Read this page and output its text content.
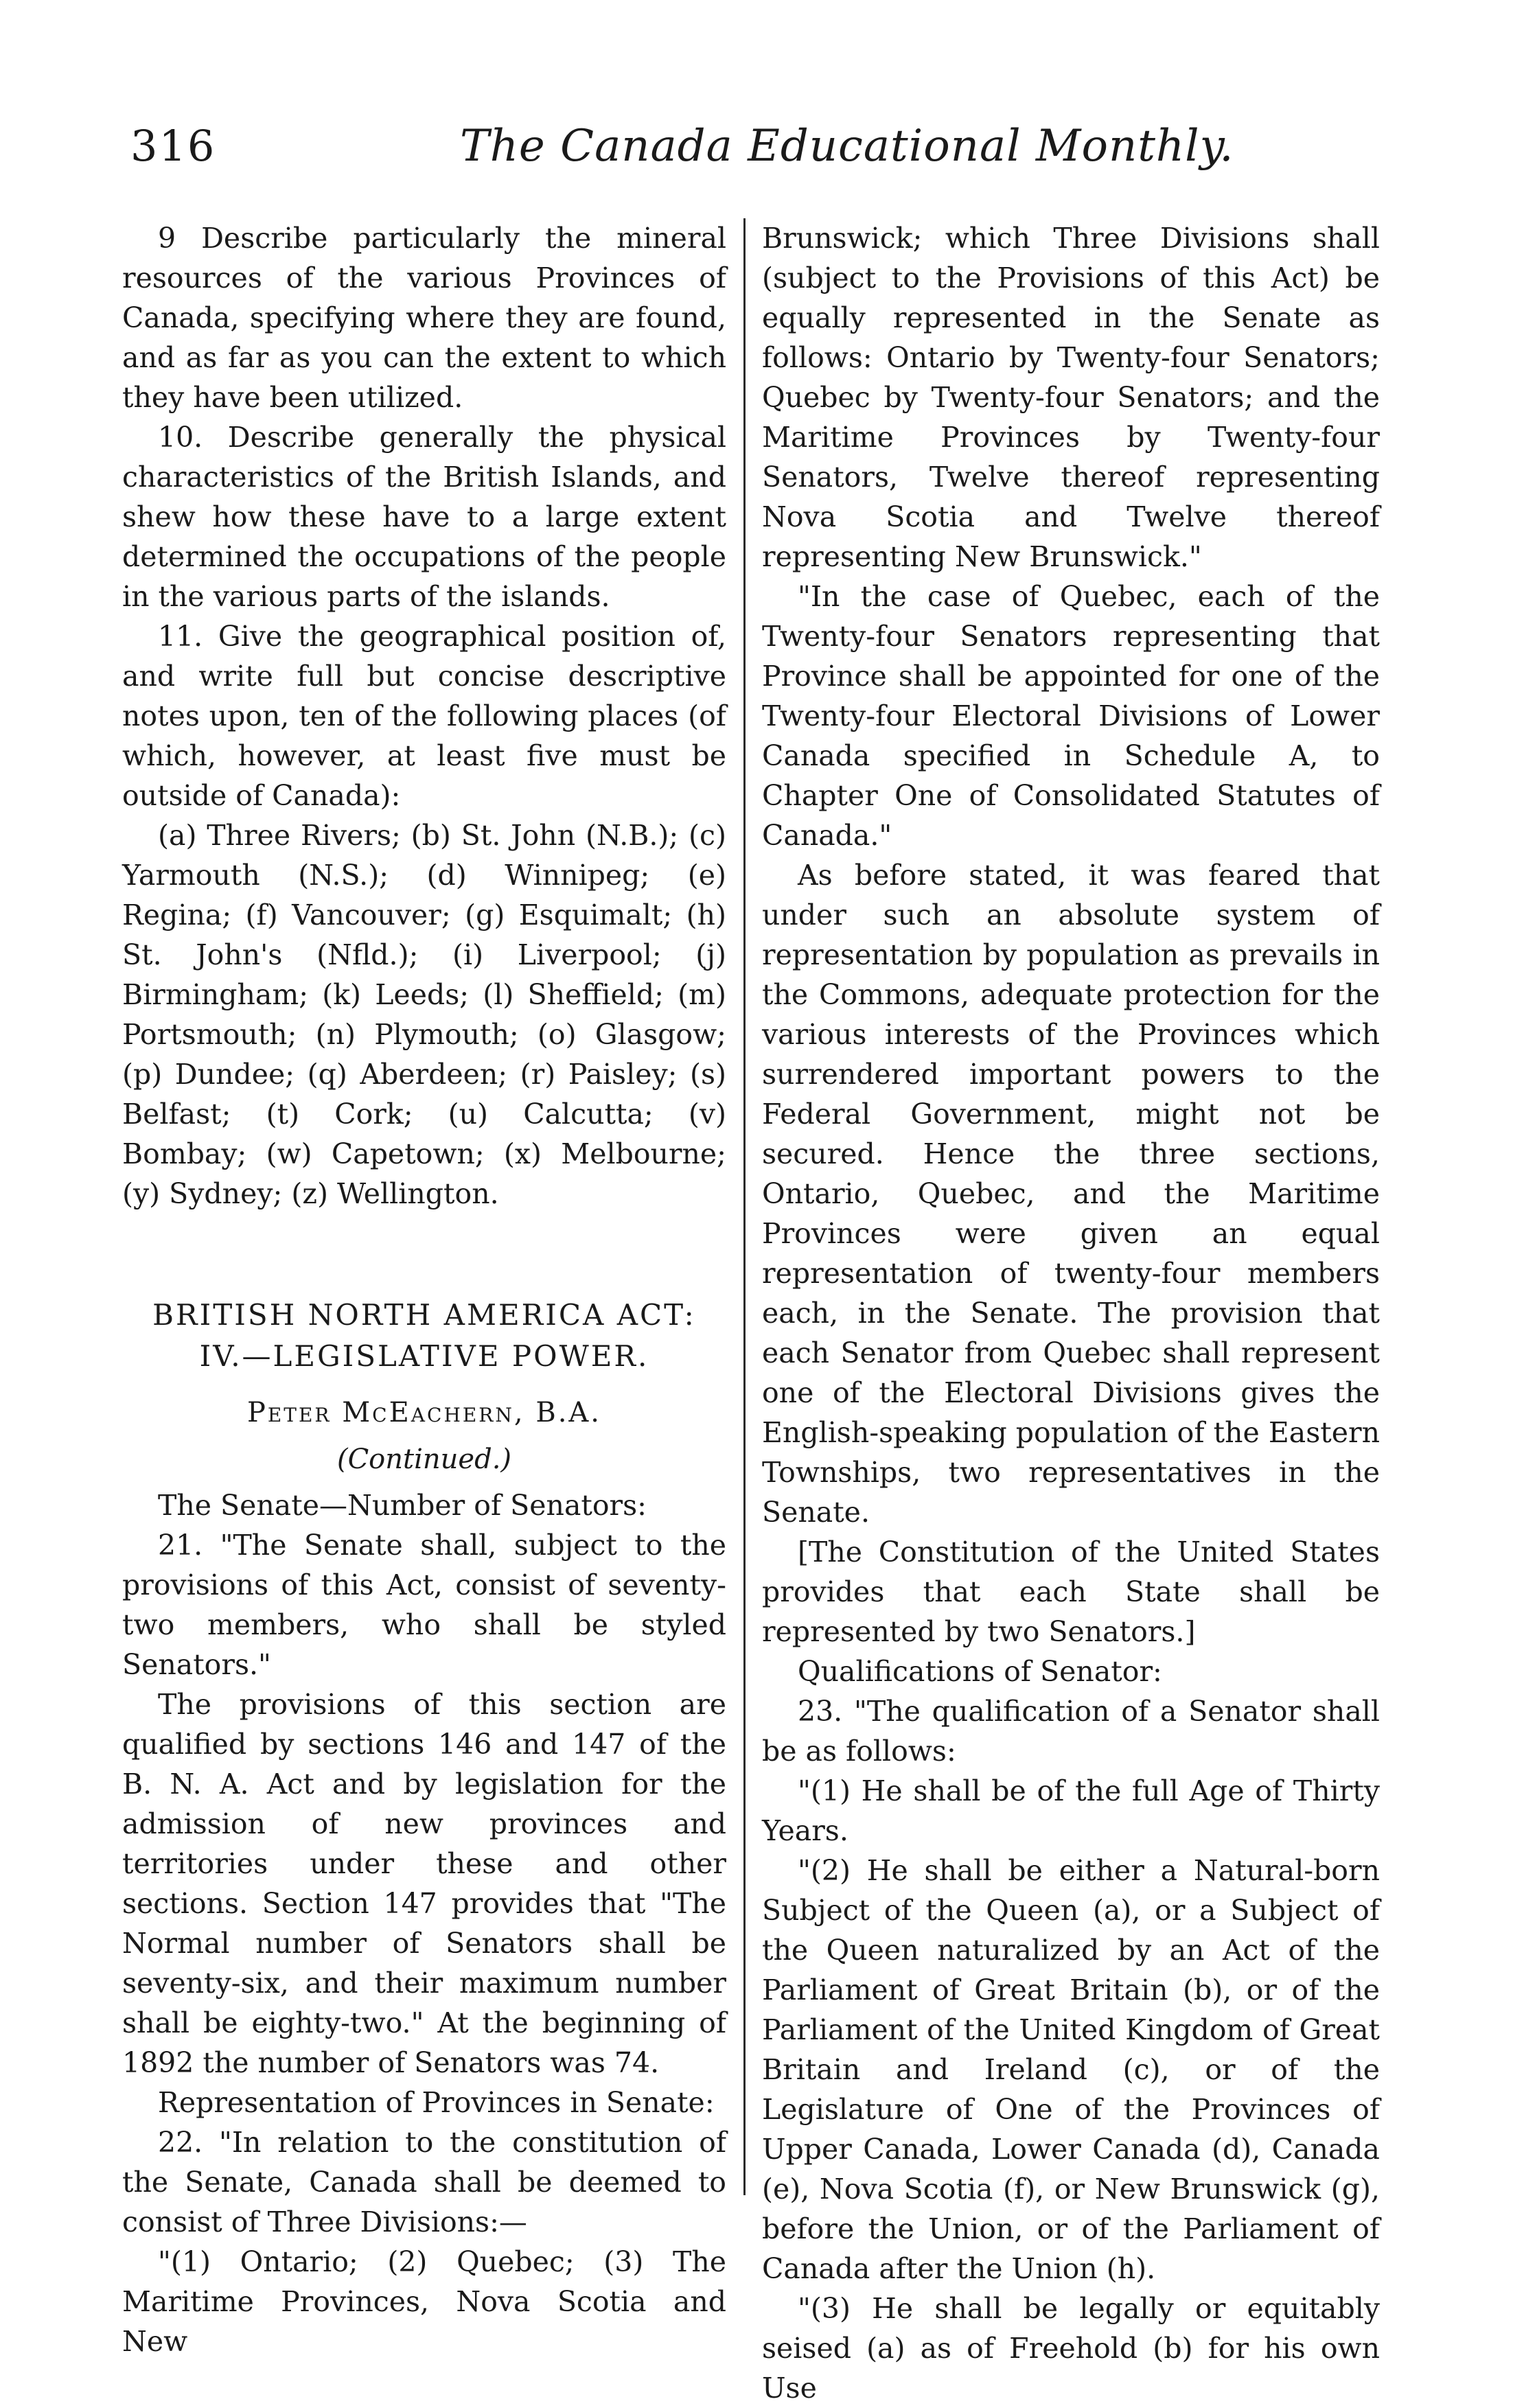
316	The Canada Educational Monthly.

9 Describe particularly the mineral resources of the various Provinces of Canada, specifying where they are found, and as far as you can the extent to which they have been utilized.

10. Describe generally the physical characteristics of the British Islands, and shew how these have to a large extent determined the occupations of the people in the various parts of the islands.

11. Give the geographical position of, and write full but concise descriptive notes upon, ten of the following places (of which, however, at least five must be outside of Canada):

(a) Three Rivers; (b) St. John (N.B.); (c) Yarmouth (N.S.); (d) Winnipeg; (e) Regina; (f) Vancouver; (g) Esquimalt; (h) St. John's (Nfld.); (i) Liverpool; (j) Birmingham; (k) Leeds; (l) Sheffield; (m) Portsmouth; (n) Plymouth; (o) Glasgow; (p) Dundee; (q) Aberdeen; (r) Paisley; (s) Belfast; (t) Cork; (u) Calcutta; (v) Bombay; (w) Capetown; (x) Melbourne; (y) Sydney; (z) Wellington.

BRITISH NORTH AMERICA ACT:
IV.—LEGISLATIVE POWER.
Peter McEachern, B.A.
(Continued.)

The Senate—Number of Senators:

21. "The Senate shall, subject to the provisions of this Act, consist of seventy-two members, who shall be styled Senators."

The provisions of this section are qualified by sections 146 and 147 of the B. N. A. Act and by legislation for the admission of new provinces and territories under these and other sections. Section 147 provides that "The Normal number of Senators shall be seventy-six, and their maximum number shall be eighty-two." At the beginning of 1892 the number of Senators was 74.

Representation of Provinces in Senate:

22. "In relation to the constitution of the Senate, Canada shall be deemed to consist of Three Divisions:—

"(1) Ontario; (2) Quebec; (3) The Maritime Provinces, Nova Scotia and New

Brunswick; which Three Divisions shall (subject to the Provisions of this Act) be equally represented in the Senate as follows: Ontario by Twenty-four Senators; Quebec by Twenty-four Senators; and the Maritime Provinces by Twenty-four Senators, Twelve thereof representing Nova Scotia and Twelve thereof representing New Brunswick."

"In the case of Quebec, each of the Twenty-four Senators representing that Province shall be appointed for one of the Twenty-four Electoral Divisions of Lower Canada specified in Schedule A, to Chapter One of Consolidated Statutes of Canada."

As before stated, it was feared that under such an absolute system of representation by population as prevails in the Commons, adequate protection for the various interests of the Provinces which surrendered important powers to the Federal Government, might not be secured. Hence the three sections, Ontario, Quebec, and the Maritime Provinces were given an equal representation of twenty-four members each, in the Senate. The provision that each Senator from Quebec shall represent one of the Electoral Divisions gives the English-speaking population of the Eastern Townships, two representatives in the Senate.

[The Constitution of the United States provides that each State shall be represented by two Senators.]

Qualifications of Senator:

23. "The qualification of a Senator shall be as follows:

"(1) He shall be of the full Age of Thirty Years.

"(2) He shall be either a Natural-born Subject of the Queen (a), or a Subject of the Queen naturalized by an Act of the Parliament of Great Britain (b), or of the Parliament of the United Kingdom of Great Britain and Ireland (c), or of the Legislature of One of the Provinces of Upper Canada, Lower Canada (d), Canada (e), Nova Scotia (f), or New Brunswick (g), before the Union, or of the Parliament of Canada after the Union (h).

"(3) He shall be legally or equitably seised (a) as of Freehold (b) for his own Use
